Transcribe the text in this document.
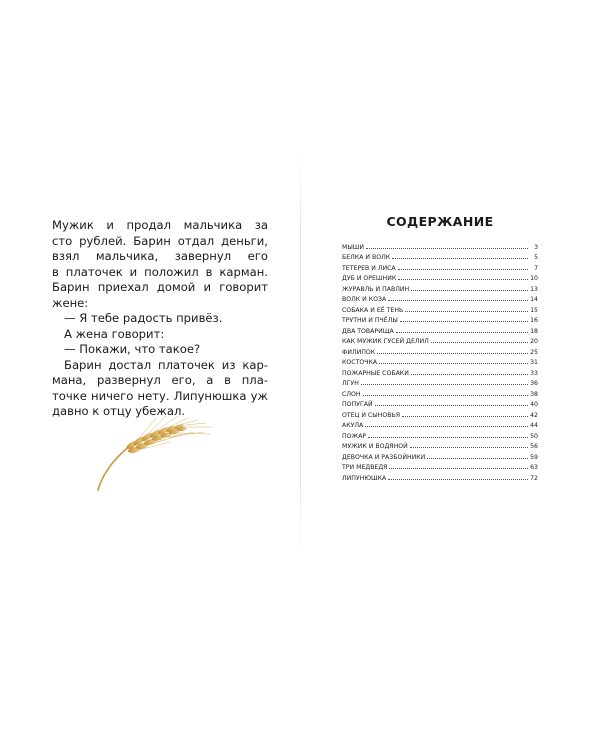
Мужик и продал мальчика за

сто рублей. Барин отдал деньги,

взял мальчика, завернул его

в платочек и положил в карман.

Барин приехал домой и говорит

жене:

— Я тебе радость привёз.

А жена говорит:

— Покажи, что такое?

Барин достал платочек из кар-

мана, развернул его, а в пла-

точке ничего нету. Липунюшка уж

давно к отцу убежал.

СОДЕРЖАНИЕ
МЫШИ	3
БЕЛКА И ВОЛК	5
ТЕТЕРЕВ И ЛИСА	7
ДУБ И ОРЕШНИК	10
ЖУРАВЛЬ И ПАВЛИН	13
ВОЛК И КОЗА	14
СОБАКА И ЕЁ ТЕНЬ	15
ТРУТНИ И ПЧЁЛЫ	16
ДВА ТОВАРИЩА	18
КАК МУЖИК ГУСЕЙ ДЕЛИЛ	20
ФИЛИПОК	25
КОСТОЧКА	31
ПОЖАРНЫЕ СОБАКИ	33
ЛГУН	36
СЛОН	38
ПОПУГАЙ	40
ОТЕЦ И СЫНОВЬЯ	42
АКУЛА	44
ПОЖАР	50
МУЖИК И ВОДЯНОЙ	56
ДЕВОЧКА И РАЗБОЙНИКИ	59
ТРИ МЕДВЕДЯ	63
ЛИПУНЮШКА	72
